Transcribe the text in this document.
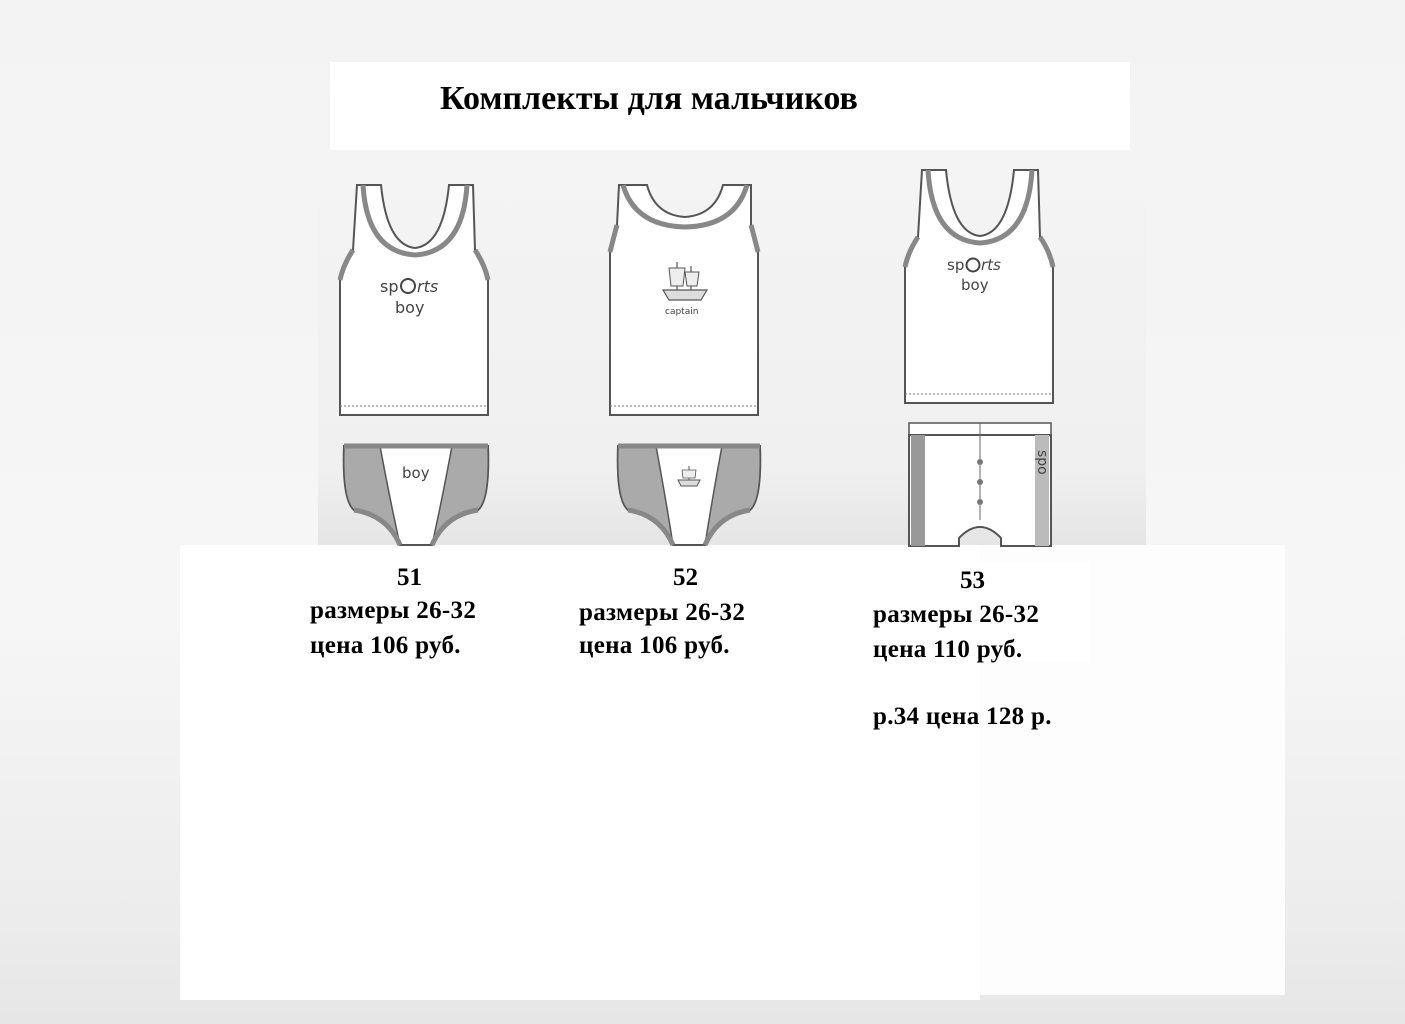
Комплекты для мальчиков
sp rts
boy
boy
51
размеры 26-32
цена 106 руб.
captain
52
размеры 26-32
цена 106 руб.
sp rts
boy
spo
53
размеры 26-32
цена 110 руб.
р.34 цена 128 р.
